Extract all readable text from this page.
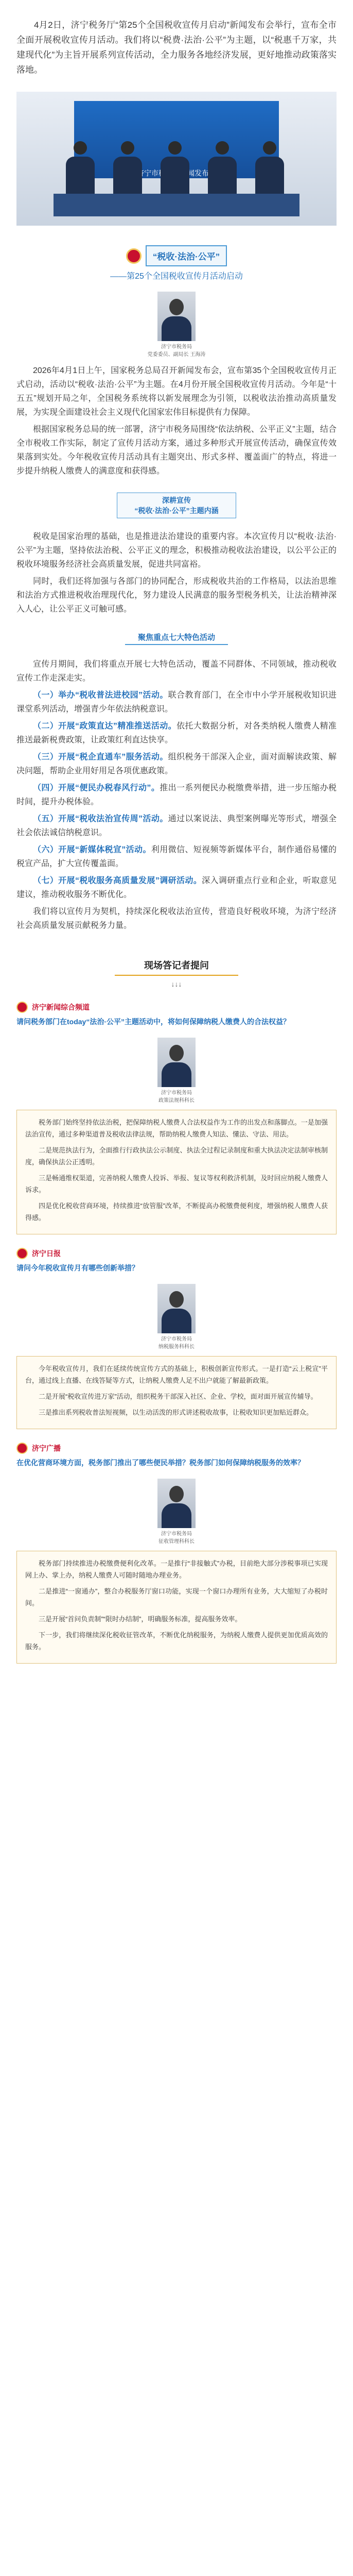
4月2日，济宁税务厅“第25个全国税收宣传月启动”新闻发布会举行，宣布全市全面开展税收宣传月活动。我们将以“税费·法治·公平”为主题，以“税惠千万家，共建现代化”为主旨开展系列宣传活动，全力服务各地经济发展，更好地推动政策落实落地。
“税收·法治·公平”
——第25个全国税收宣传月活动启动
济宁市税务局
党委委员、副局长 王海涛

2026年4月1日上午，国家税务总局召开新闻发布会，宣布第35个全国税收宣传月正式启动，活动以“税收·法治·公平”为主题。在4月份开展全国税收宣传月活动。今年是“十五五”规划开局之年，全国税务系统将以新发展理念为引领，以税收法治推动高质量发展，为实现全面建设社会主义现代化国家宏伟目标提供有力保障。

根据国家税务总局的统一部署，济宁市税务局围绕“依法纳税、公平正义”主题，结合全市税收工作实际，制定了宣传月活动方案，通过多种形式开展宣传活动，确保宣传效果落到实处。今年税收宣传月活动具有主题突出、形式多样、覆盖面广的特点，将进一步提升纳税人缴费人的满意度和获得感。

深耕宣传
“税收·法治·公平”主题内涵

税收是国家治理的基础，也是推进法治建设的重要内容。本次宣传月以“税收·法治·公平”为主题，坚持依法治税、公平正义的理念，积极推动税收法治建设，以公平公正的税收环境服务经济社会高质量发展，促进共同富裕。

同时，我们还将加强与各部门的协同配合，形成税收共治的工作格局，以法治思维和法治方式推进税收治理现代化，努力建设人民满意的服务型税务机关，让法治精神深入人心，让公平正义可触可感。

聚焦重点七大特色活动

宣传月期间，我们将重点开展七大特色活动，覆盖不同群体、不同领域，推动税收宣传工作走深走实。

（一）举办“税收普法进校园”活动。联合教育部门，在全市中小学开展税收知识进课堂系列活动，增强青少年依法纳税意识。

（二）开展“政策直达”精准推送活动。依托大数据分析，对各类纳税人缴费人精准推送最新税费政策，让政策红利直达快享。

（三）开展“税企直通车”服务活动。组织税务干部深入企业，面对面解读政策、解决问题，帮助企业用好用足各项优惠政策。

（四）开展“便民办税春风行动”。推出一系列便民办税缴费举措，进一步压缩办税时间，提升办税体验。

（五）开展“税收法治宣传周”活动。通过以案说法、典型案例曝光等形式，增强全社会依法诚信纳税意识。

（六）开展“新媒体税宣”活动。利用微信、短视频等新媒体平台，制作通俗易懂的税宣产品，扩大宣传覆盖面。

（七）开展“税收服务高质量发展”调研活动。深入调研重点行业和企业，听取意见建议，推动税收服务不断优化。

我们将以宣传月为契机，持续深化税收法治宣传，营造良好税收环境，为济宁经济社会高质量发展贡献税务力量。

现场答记者提问
↓↓↓
济宁新闻综合频道
请问税务部门在today“法治·公平”主题活动中，将如何保障纳税人缴费人的合法权益？
济宁市税务局
政策法规科科长

税务部门始终坚持依法治税，把保障纳税人缴费人合法权益作为工作的出发点和落脚点。一是加强法治宣传，通过多种渠道普及税收法律法规，帮助纳税人缴费人知法、懂法、守法、用法。

二是规范执法行为，全面推行行政执法公示制度、执法全过程记录制度和重大执法决定法制审核制度，确保执法公正透明。

三是畅通维权渠道，完善纳税人缴费人投诉、举报、复议等权利救济机制，及时回应纳税人缴费人诉求。

四是优化税收营商环境，持续推进“放管服”改革，不断提高办税缴费便利度，增强纳税人缴费人获得感。

济宁日报
请问今年税收宣传月有哪些创新举措？
济宁市税务局
纳税服务科科长

今年税收宣传月，我们在延续传统宣传方式的基础上，积极创新宣传形式。一是打造“云上税宣”平台，通过线上直播、在线答疑等方式，让纳税人缴费人足不出户就能了解最新政策。

二是开展“税收宣传进万家”活动，组织税务干部深入社区、企业、学校，面对面开展宣传辅导。

三是推出系列税收普法短视频，以生动活泼的形式讲述税收故事，让税收知识更加贴近群众。

济宁广播
在优化营商环境方面，税务部门推出了哪些便民举措？税务部门如何保障纳税服务的效率？
济宁市税务局
征收管理科科长

税务部门持续推进办税缴费便利化改革。一是推行“非接触式”办税，目前绝大部分涉税事项已实现网上办、掌上办，纳税人缴费人可随时随地办理业务。

二是推进“一窗通办”，整合办税服务厅窗口功能，实现一个窗口办理所有业务，大大缩短了办税时间。

三是开展“首问负责制”“限时办结制”，明确服务标准，提高服务效率。

下一步，我们将继续深化税收征管改革，不断优化纳税服务，为纳税人缴费人提供更加优质高效的服务。
